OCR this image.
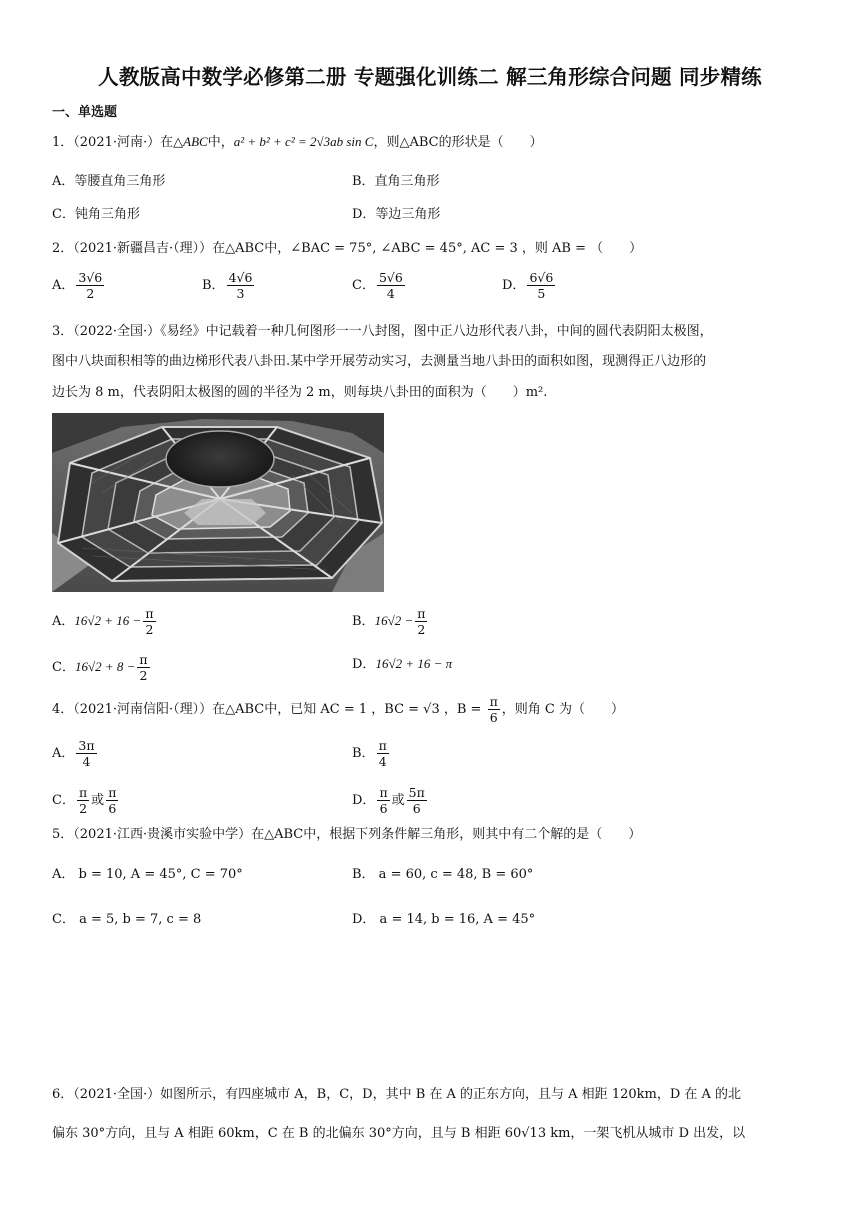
人教版高中数学必修第二册 专题强化训练二 解三角形综合问题 同步精练
一、单选题
1．（2021·河南·）在△ABC中，a² + b² + c² = 2√3ab sin C，则△ABC的形状是（　　）
A．等腰直角三角形	B．直角三角形
C．钝角三角形	D．等边三角形
2．（2021·新疆昌吉·（理））在△ABC中，∠BAC = 75°, ∠ABC = 45°, AC = 3 ，则 AB = （　　）
A． $\frac{3√6}{2}$	B． $\frac{4√6}{3}$	C． $\frac{5√6}{4}$	D． $\frac{6√6}{5}$
3．（2022·全国·）《易经》中记载着一种几何图形一一八封图，图中正八边形代表八卦，中间的圆代表阴阳太极图，
图中八块面积相等的曲边梯形代表八卦田.某中学开展劳动实习，去测量当地八卦田的面积如图，现测得正八边形的
边长为 8 m，代表阴阳太极图的圆的半径为 2 m，则每块八卦田的面积为（　　）m².
A．$16√2 + 16 - \frac{\pi}{2}$	B．$16√2 - \frac{\pi}{2}$
C．$16√2 + 8 - \frac{\pi}{2}$	D．16√2 + 16 − π
4．（2021·河南信阳·（理））在△ABC中，已知 AC = 1 ，BC = √3 ，$B = \frac{\pi}{6}$ ，则角 C 为（　　）
A． $\frac{3\pi}{4}$	B． $\frac{\pi}{4}$
C． $\frac{\pi}{2}$ 或 $\frac{\pi}{6}$	D． $\frac{\pi}{6}$ 或 $\frac{5\pi}{6}$
5．（2021·江西·贵溪市实验中学）在△ABC中，根据下列条件解三角形，则其中有二个解的是（　　）
A． b = 10, A = 45°, C = 70°	B． a = 60, c = 48, B = 60°
C． a = 5, b = 7, c = 8	D． a = 14, b = 16, A = 45°
6．（2021·全国·）如图所示，有四座城市 A，B，C，D，其中 B 在 A 的正东方向，且与 A 相距 120km，D 在 A 的北
偏东 30°方向，且与 A 相距 60km，C 在 B 的北偏东 30°方向，且与 B 相距 60√13 km，一架飞机从城市 D 出发，以
